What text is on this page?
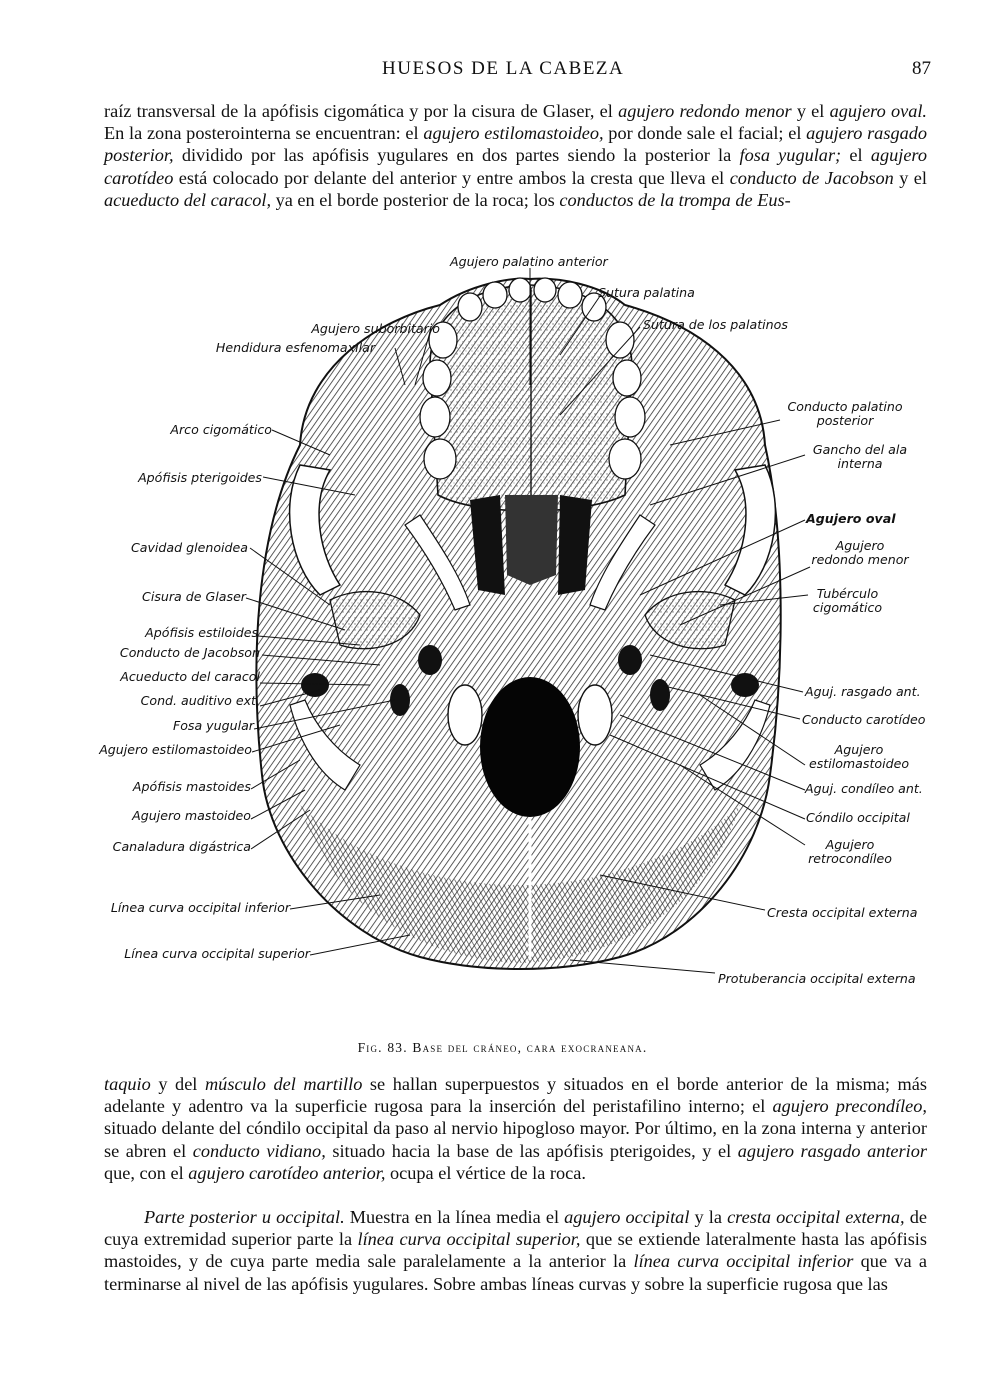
HUESOS DE LA CABEZA	87

raíz transversal de la apófisis cigomática y por la cisura de Glaser, el agujero redondo menor y el agujero oval. En la zona posterointerna se encuentran: el agujero estilomastoideo, por donde sale el facial; el agujero rasgado posterior, dividido por las apófisis yugulares en dos partes siendo la posterior la fosa yugular; el agujero carotídeo está colocado por delante del anterior y entre ambos la cresta que lleva el conducto de Jacobson y el acueducto del caracol, ya en el borde posterior de la roca; los conductos de la trompa de Eus-

Agujero palatino anterior
Sutura palatina
Sutura de los palatinos
Agujero suborbitario
Hendidura esfenomaxilar
Arco cigomático
Apófisis pterigoides
Cavidad glenoidea
Cisura de Glaser
Apófisis estiloides
Conducto de Jacobson
Acueducto del caracol
Cond. auditivo ext.
Fosa yugular
Agujero estilomastoideo
Apófisis mastoides
Agujero mastoideo
Canaladura digástrica
Línea curva occipital inferior
Línea curva occipital superior
Conducto palatino
posterior
Gancho del ala
interna
Agujero oval
Agujero
redondo menor
Tubérculo
cigomático
Aguj. rasgado ant.
Conducto carotídeo
Agujero
estilomastoideo
Aguj. condíleo ant.
Cóndilo occipital
Agujero
retrocondíleo
Cresta occipital externa
Protuberancia occipital externa
Fig. 83. Base del cráneo, cara exocraneana.

taquio y del músculo del martillo se hallan superpuestos y situados en el borde anterior de la misma; más adelante y adentro va la superficie rugosa para la inserción del peristafilino interno; el agujero precondíleo, situado delante del cóndilo occipital da paso al nervio hipogloso mayor. Por último, en la zona interna y anterior se abren el conducto vidiano, situado hacia la base de las apófisis pterigoides, y el agujero rasgado anterior que, con el agujero carotídeo anterior, ocupa el vértice de la roca.

Parte posterior u occipital. Muestra en la línea media el agujero occipital y la cresta occipital externa, de cuya extremidad superior parte la línea curva occipital superior, que se extiende lateralmente hasta las apófisis mastoides, y de cuya parte media sale paralelamente a la anterior la línea curva occipital inferior que va a terminarse al nivel de las apófisis yugulares. Sobre ambas líneas curvas y sobre la superficie rugosa que las
